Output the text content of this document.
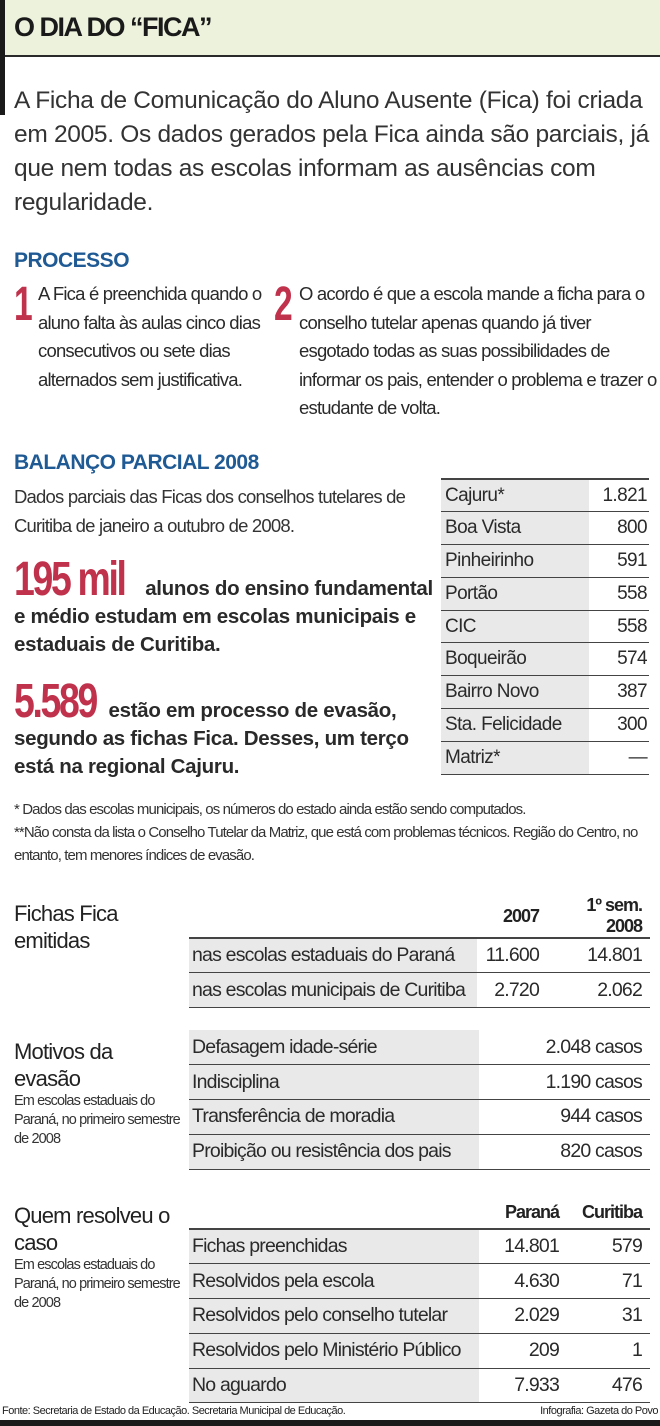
O DIA DO “FICA”
A Ficha de Comunicação do Aluno Ausente (Fica) foi criada em 2005. Os dados gerados pela Fica ainda são parciais, já que nem todas as escolas informam as ausências com regularidade.
PROCESSO
1 A Fica é preenchida quando o aluno falta às aulas cinco dias consecutivos ou sete dias alternados sem justificativa.
2 O acordo é que a escola mande a ficha para o conselho tutelar apenas quando já tiver esgotado todas as suas possibilidades de informar os pais, entender o problema e trazer o estudante de volta.
BALANÇO PARCIAL 2008
Dados parciais das Ficas dos conselhos tutelares de Curitiba de janeiro a outubro de 2008.
195 mil alunos do ensino fundamental e médio estudam em escolas municipais e estaduais de Curitiba.
5.589 estão em processo de evasão, segundo as fichas Fica. Desses, um terço está na regional Cajuru.
Cajuru*	1.821
Boa Vista	800
Pinheirinho	591
Portão	558
CIC	558
Boqueirão	574
Bairro Novo	387
Sta. Felicidade	300
Matriz*	—
* Dados das escolas municipais, os números do estado ainda estão sendo computados.
**Não consta da lista o Conselho Tutelar da Matriz, que está com problemas técnicos. Região do Centro, no entanto, tem menores índices de evasão.
Fichas Fica emitidas
	2007	1º sem. 2008
nas escolas estaduais do Paraná	11.600	14.801
nas escolas municipais de Curitiba	2.720	2.062
Motivos da evasão
Em escolas estaduais do Paraná, no primeiro semestre de 2008
Defasagem idade-série	2.048 casos
Indisciplina	1.190 casos
Transferência de moradia	944 casos
Proibição ou resistência dos pais	820 casos
Quem resolveu o caso
Em escolas estaduais do Paraná, no primeiro semestre de 2008
	Paraná	Curitiba
Fichas preenchidas	14.801	579
Resolvidos pela escola	4.630	71
Resolvidos pelo conselho tutelar	2.029	31
Resolvidos pelo Ministério Público	209	1
No aguardo	7.933	476
Fonte: Secretaria de Estado da Educação. Secretaria Municipal de Educação.	Infografia: Gazeta do Povo
